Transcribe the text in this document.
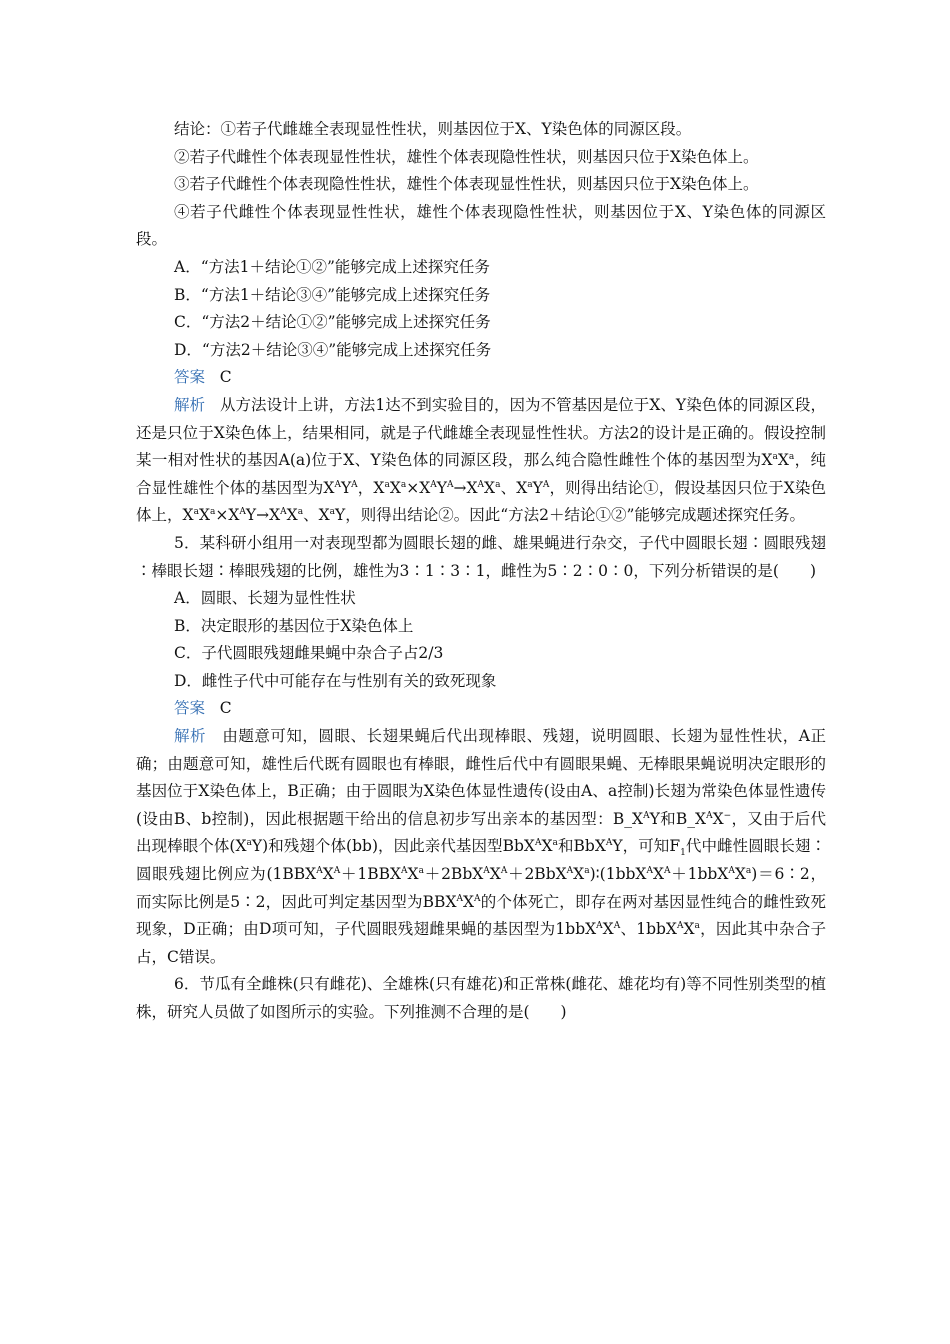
结论：①若子代雌雄全表现显性性状，则基因位于X、Y染色体的同源区段。

②若子代雌性个体表现显性性状，雄性个体表现隐性性状，则基因只位于X染色体上。

③若子代雌性个体表现隐性性状，雄性个体表现显性性状，则基因只位于X染色体上。

④若子代雌性个体表现显性性状，雄性个体表现隐性性状，则基因位于X、Y染色体的同源区段。

A．“方法1＋结论①②”能够完成上述探究任务

B．“方法1＋结论③④”能够完成上述探究任务

C．“方法2＋结论①②”能够完成上述探究任务

D．“方法2＋结论③④”能够完成上述探究任务

答案 C

解析 从方法设计上讲，方法1达不到实验目的，因为不管基因是位于X、Y染色体的同源区段，还是只位于X染色体上，结果相同，就是子代雌雄全表现显性性状。方法2的设计是正确的。假设控制某一相对性状的基因A(a)位于X、Y染色体的同源区段，那么纯合隐性雌性个体的基因型为$X^aX^a$，纯合显性雄性个体的基因型为$X^AY^A$，$X^aX^a\times X^AY^A\to X^AX^a$、$X^aY^A$，则得出结论①，假设基因只位于X染色体上，$X^aX^a\times X^AY\to X^AX^a$、$X^aY$，则得出结论②。因此“方法2＋结论①②”能够完成题述探究任务。

5．某科研小组用一对表现型都为圆眼长翅的雌、雄果蝇进行杂交，子代中圆眼长翅∶圆眼残翅∶棒眼长翅∶棒眼残翅的比例，雄性为3∶1∶3∶1，雌性为5∶2∶0∶0，下列分析错误的是(　　)

A．圆眼、长翅为显性性状

B．决定眼形的基因位于X染色体上

C．子代圆眼残翅雌果蝇中杂合子占2/3

D．雌性子代中可能存在与性别有关的致死现象

答案 C

解析 由题意可知，圆眼、长翅果蝇后代出现棒眼、残翅，说明圆眼、长翅为显性性状，A正确；由题意可知，雄性后代既有圆眼也有棒眼，雌性后代中有圆眼果蝇、无棒眼果蝇说明决定眼形的基因位于X染色体上，B正确；由于圆眼为X染色体显性遗传(设由A、a控制)长翅为常染色体显性遗传(设由B、b控制)，因此根据题干给出的信息初步写出亲本的基因型：$B\_X^AY$和$B\_X^AX^-$，又由于后代出现棒眼个体$(X^aY)$和残翅个体(bb)，因此亲代基因型$BbX^AX^a$和BbX$^A$Y，可知$F_1$代中雌性圆眼长翅∶圆眼残翅比例应为$(1BBX^AX^A+1BBX^AX^a+2BbX^AX^A+2BbX^AX^a)∶(1bbX^AX^A+1bbX^AX^a)=6∶2$，而实际比例是5∶2，因此可判定基因型为$BBX^AX^A$的个体死亡，即存在两对基因显性纯合的雌性致死现象，D正确；由D项可知，子代圆眼残翅雌果蝇的基因型为$1bbX^AX^A$、$1bbX^AX^a$，因此其中杂合子占，C错误。

6．节瓜有全雌株(只有雌花)、全雄株(只有雄花)和正常株(雌花、雄花均有)等不同性别类型的植株，研究人员做了如图所示的实验。下列推测不合理的是(　　)
